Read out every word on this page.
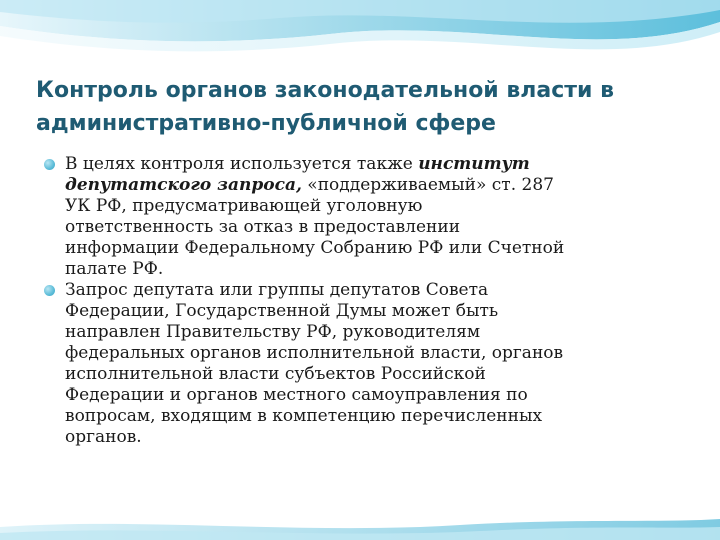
Контроль органов законодательной власти в
административно-публичной сфере
В целях контроля используется также институт
депутатского запроса, «поддерживаемый» ст. 287
УК РФ, предусматривающей уголовную
ответственность за отказ в предоставлении
информации Федеральному Собранию РФ или Счетной
палате РФ.
Запрос депутата или группы депутатов Совета
Федерации, Государственной Думы может быть
направлен Правительству РФ, руководителям
федеральных органов исполнительной власти, органов
исполнительной власти субъектов Российской
Федерации и органов местного самоуправления по
вопросам, входящим в компетенцию перечисленных
органов.
